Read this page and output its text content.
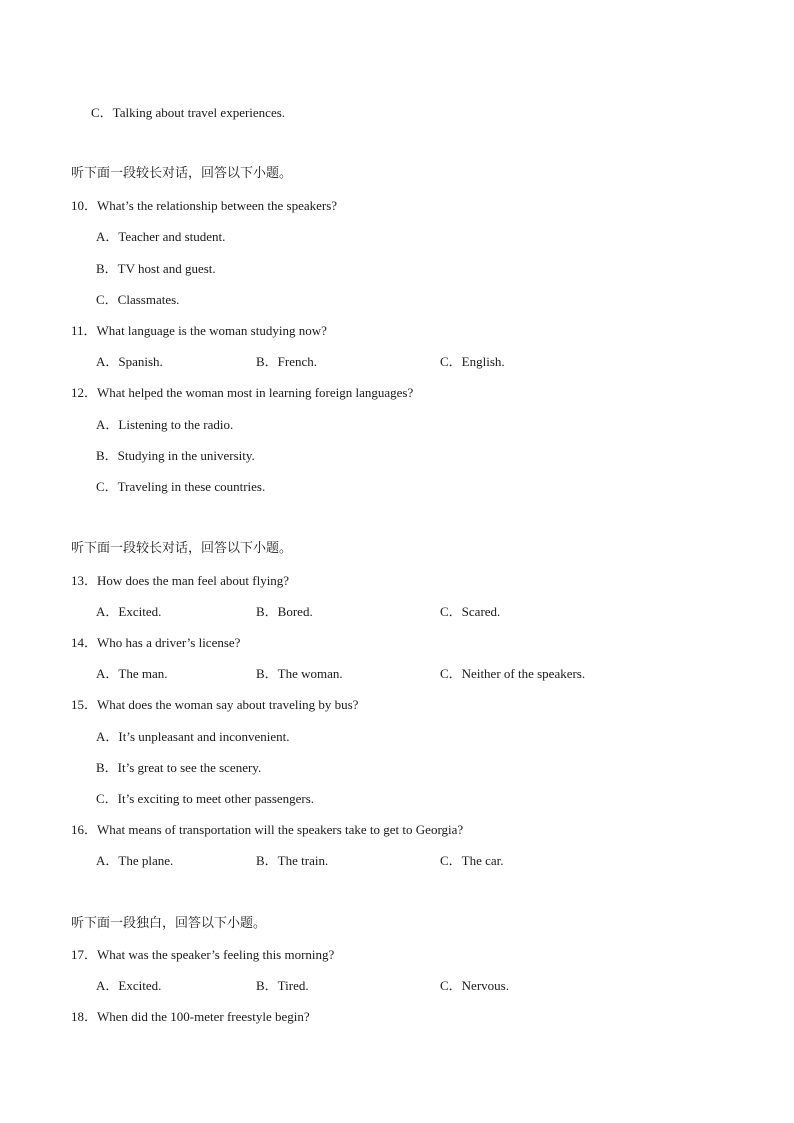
C．Talking about travel experiences.
听下面一段较长对话，回答以下小题。
10．What’s the relationship between the speakers?
A．Teacher and student.
B．TV host and guest.
C．Classmates.
11．What language is the woman studying now?
A．Spanish.	B．French.	C．English.
12．What helped the woman most in learning foreign languages?
A．Listening to the radio.
B．Studying in the university.
C．Traveling in these countries.
听下面一段较长对话，回答以下小题。
13．How does the man feel about flying?
A．Excited.	B．Bored.	C．Scared.
14．Who has a driver’s license?
A．The man.	B．The woman.	C．Neither of the speakers.
15．What does the woman say about traveling by bus?
A．It’s unpleasant and inconvenient.
B．It’s great to see the scenery.
C．It’s exciting to meet other passengers.
16．What means of transportation will the speakers take to get to Georgia?
A．The plane.	B．The train.	C．The car.
听下面一段独白，回答以下小题。
17．What was the speaker’s feeling this morning?
A．Excited.	B．Tired.	C．Nervous.
18．When did the 100-meter freestyle begin?
